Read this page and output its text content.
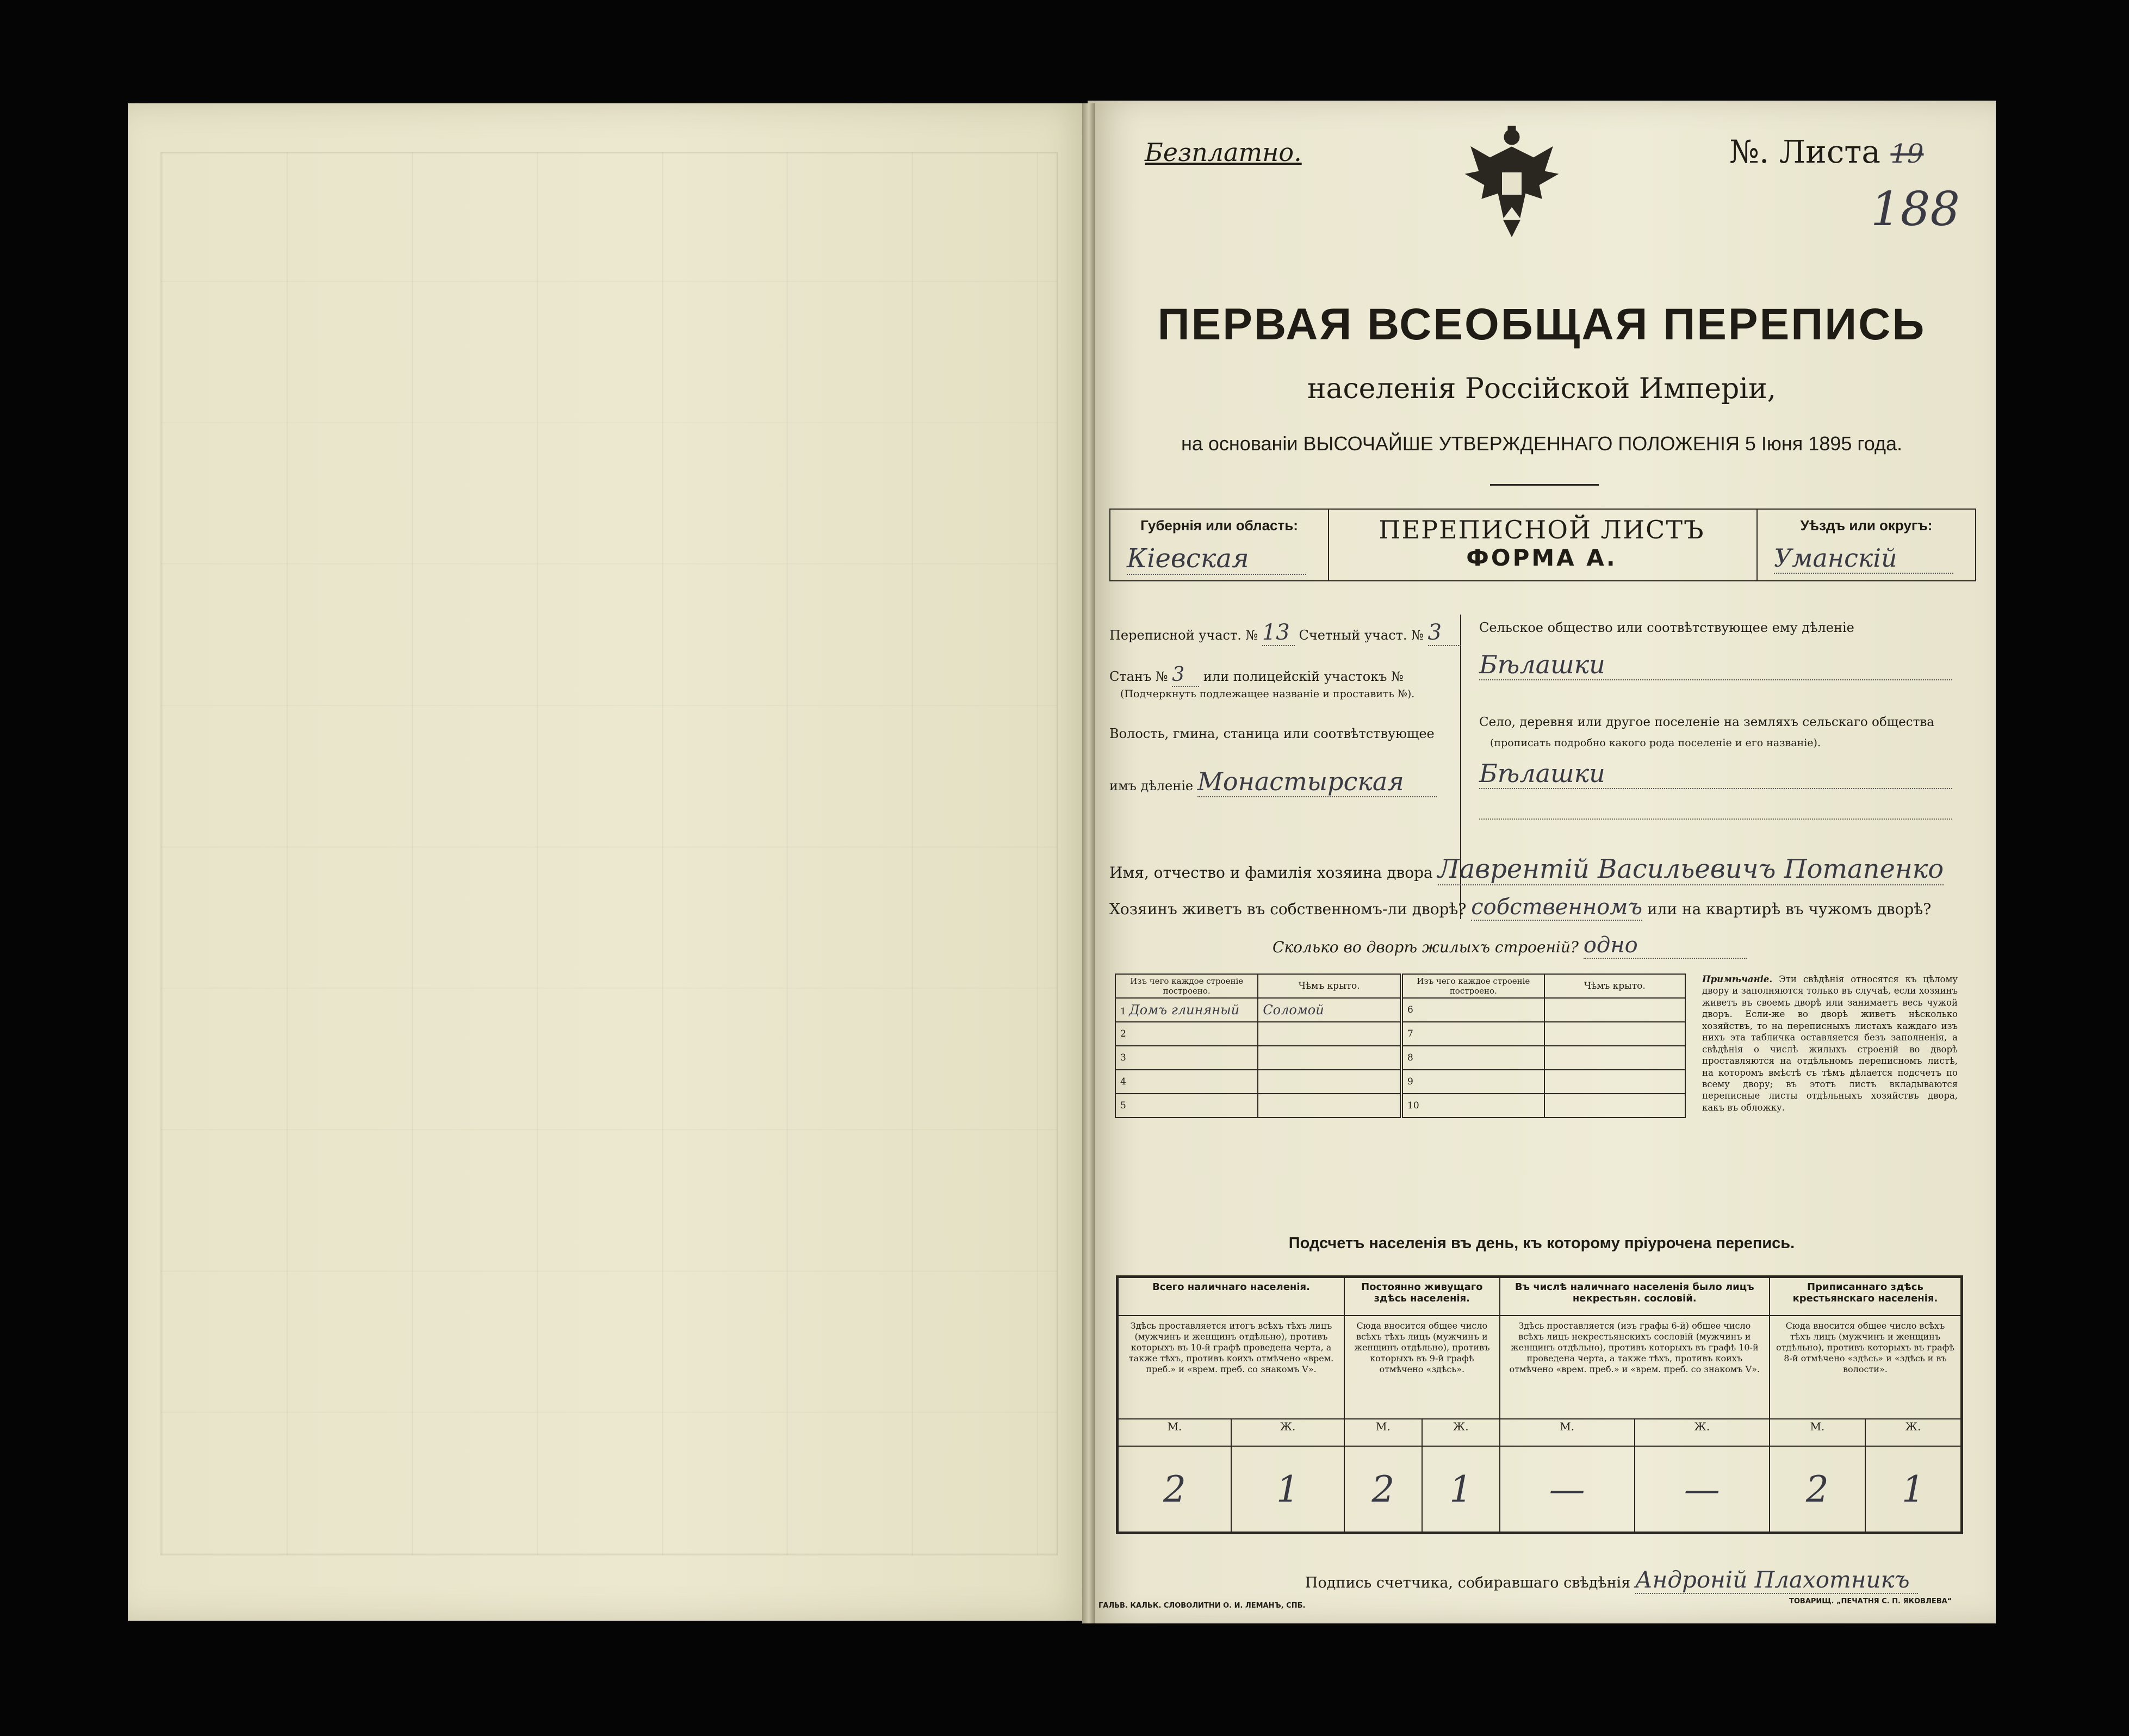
Безплатно.	№. Листа 19
188
ПЕРВАЯ ВСЕОБЩАЯ ПЕРЕПИСЬ
населенія Россійской Имперіи,
на основаніи ВЫСОЧАЙШЕ УТВЕРЖДЕННАГО ПОЛОЖЕНІЯ 5 Іюня 1895 года.
Губернія или область:
Кіевская
ПЕРЕПИСНОЙ ЛИСТЪ
ФОРМА А.
Уѣздъ или округъ:
Уманскій
Переписной участ. № 13 Счетный участ. № 3
Станъ № 3 или полицейскій участокъ №
(Подчеркнуть подлежащее названіе и проставить №).
Волость, гмина, станица или соотвѣтствующее
имъ дѣленіе Монастырская
Сельское общество или соотвѣтствующее ему дѣленіе
Бѣлашки
Село, деревня или другое поселеніе на земляхъ сельскаго общества
(прописать подробно какого рода поселеніе и его названіе).
Бѣлашки
Имя, отчество и фамилія хозяина двора Лаврентій Васильевичъ Потапенко
Хозяинъ живетъ въ собственномъ-ли дворѣ? собственномъ или на квартирѣ въ чужомъ дворѣ?
Сколько во дворѣ жилыхъ строеній? одно
Изъ чего каждое строеніе построено.	Чѣмъ крыто.	Изъ чего каждое строеніе построено.	Чѣмъ крыто.
1 Домъ глиняный	Соломой	6	
2		7	
3		8	
4		9	
5		10	
Примѣчаніе. Эти свѣдѣнія относятся къ цѣлому двору и заполняются только въ случаѣ, если хозяинъ живетъ въ своемъ дворѣ или занимаетъ весь чужой дворъ. Если-же во дворѣ живетъ нѣсколько хозяйствъ, то на переписныхъ листахъ каждаго изъ нихъ эта табличка оставляется безъ заполненія, а свѣдѣнія о числѣ жилыхъ строеній во дворѣ проставляются на отдѣльномъ переписномъ листѣ, на которомъ вмѣстѣ съ тѣмъ дѣлается подсчетъ по всему двору; въ этотъ листъ вкладываются переписные листы отдѣльныхъ хозяйствъ двора, какъ въ обложку.
Подсчетъ населенія въ день, къ которому пріурочена перепись.
Всего наличнаго населенія.		Постоянно живущаго здѣсь населенія.		Въ числѣ наличнаго населенія было лицъ некрестьян. сословій.		Приписаннаго здѣсь крестьянскаго населенія.	
Здѣсь проставляется итогъ всѣхъ тѣхъ лицъ (мужчинъ и женщинъ отдѣльно), противъ которыхъ въ 10-й графѣ проведена черта, а также тѣхъ, противъ коихъ отмѣчено «врем. преб.» и «врем. преб. со знакомъ V».		Сюда вносится общее число всѣхъ тѣхъ лицъ (мужчинъ и женщинъ отдѣльно), противъ которыхъ въ 9-й графѣ отмѣчено «здѣсь».		Здѣсь проставляется (изъ графы 6-й) общее число всѣхъ лицъ некрестьянскихъ сословій (мужчинъ и женщинъ отдѣльно), противъ которыхъ въ графѣ 10-й проведена черта, а также тѣхъ, противъ коихъ отмѣчено «врем. преб.» и «врем. преб. со знакомъ V».		Сюда вносится общее число всѣхъ тѣхъ лицъ (мужчинъ и женщинъ отдѣльно), противъ которыхъ въ графѣ 8-й отмѣчено «здѣсь» и «здѣсь и въ волости».	
М.	Ж.	М.	Ж.	М.	Ж.	М.	Ж.
2	1	2	1	—	—	2	1
Подпись счетчика, собиравшаго свѣдѣнія Андроній Плахотникъ
ГАЛЬВ. КАЛЬК. СЛОВОЛИТНИ О. И. ЛЕМАНЪ, СПБ.
ТОВАРИЩ. „ПЕЧАТНЯ С. П. ЯКОВЛЕВА“
